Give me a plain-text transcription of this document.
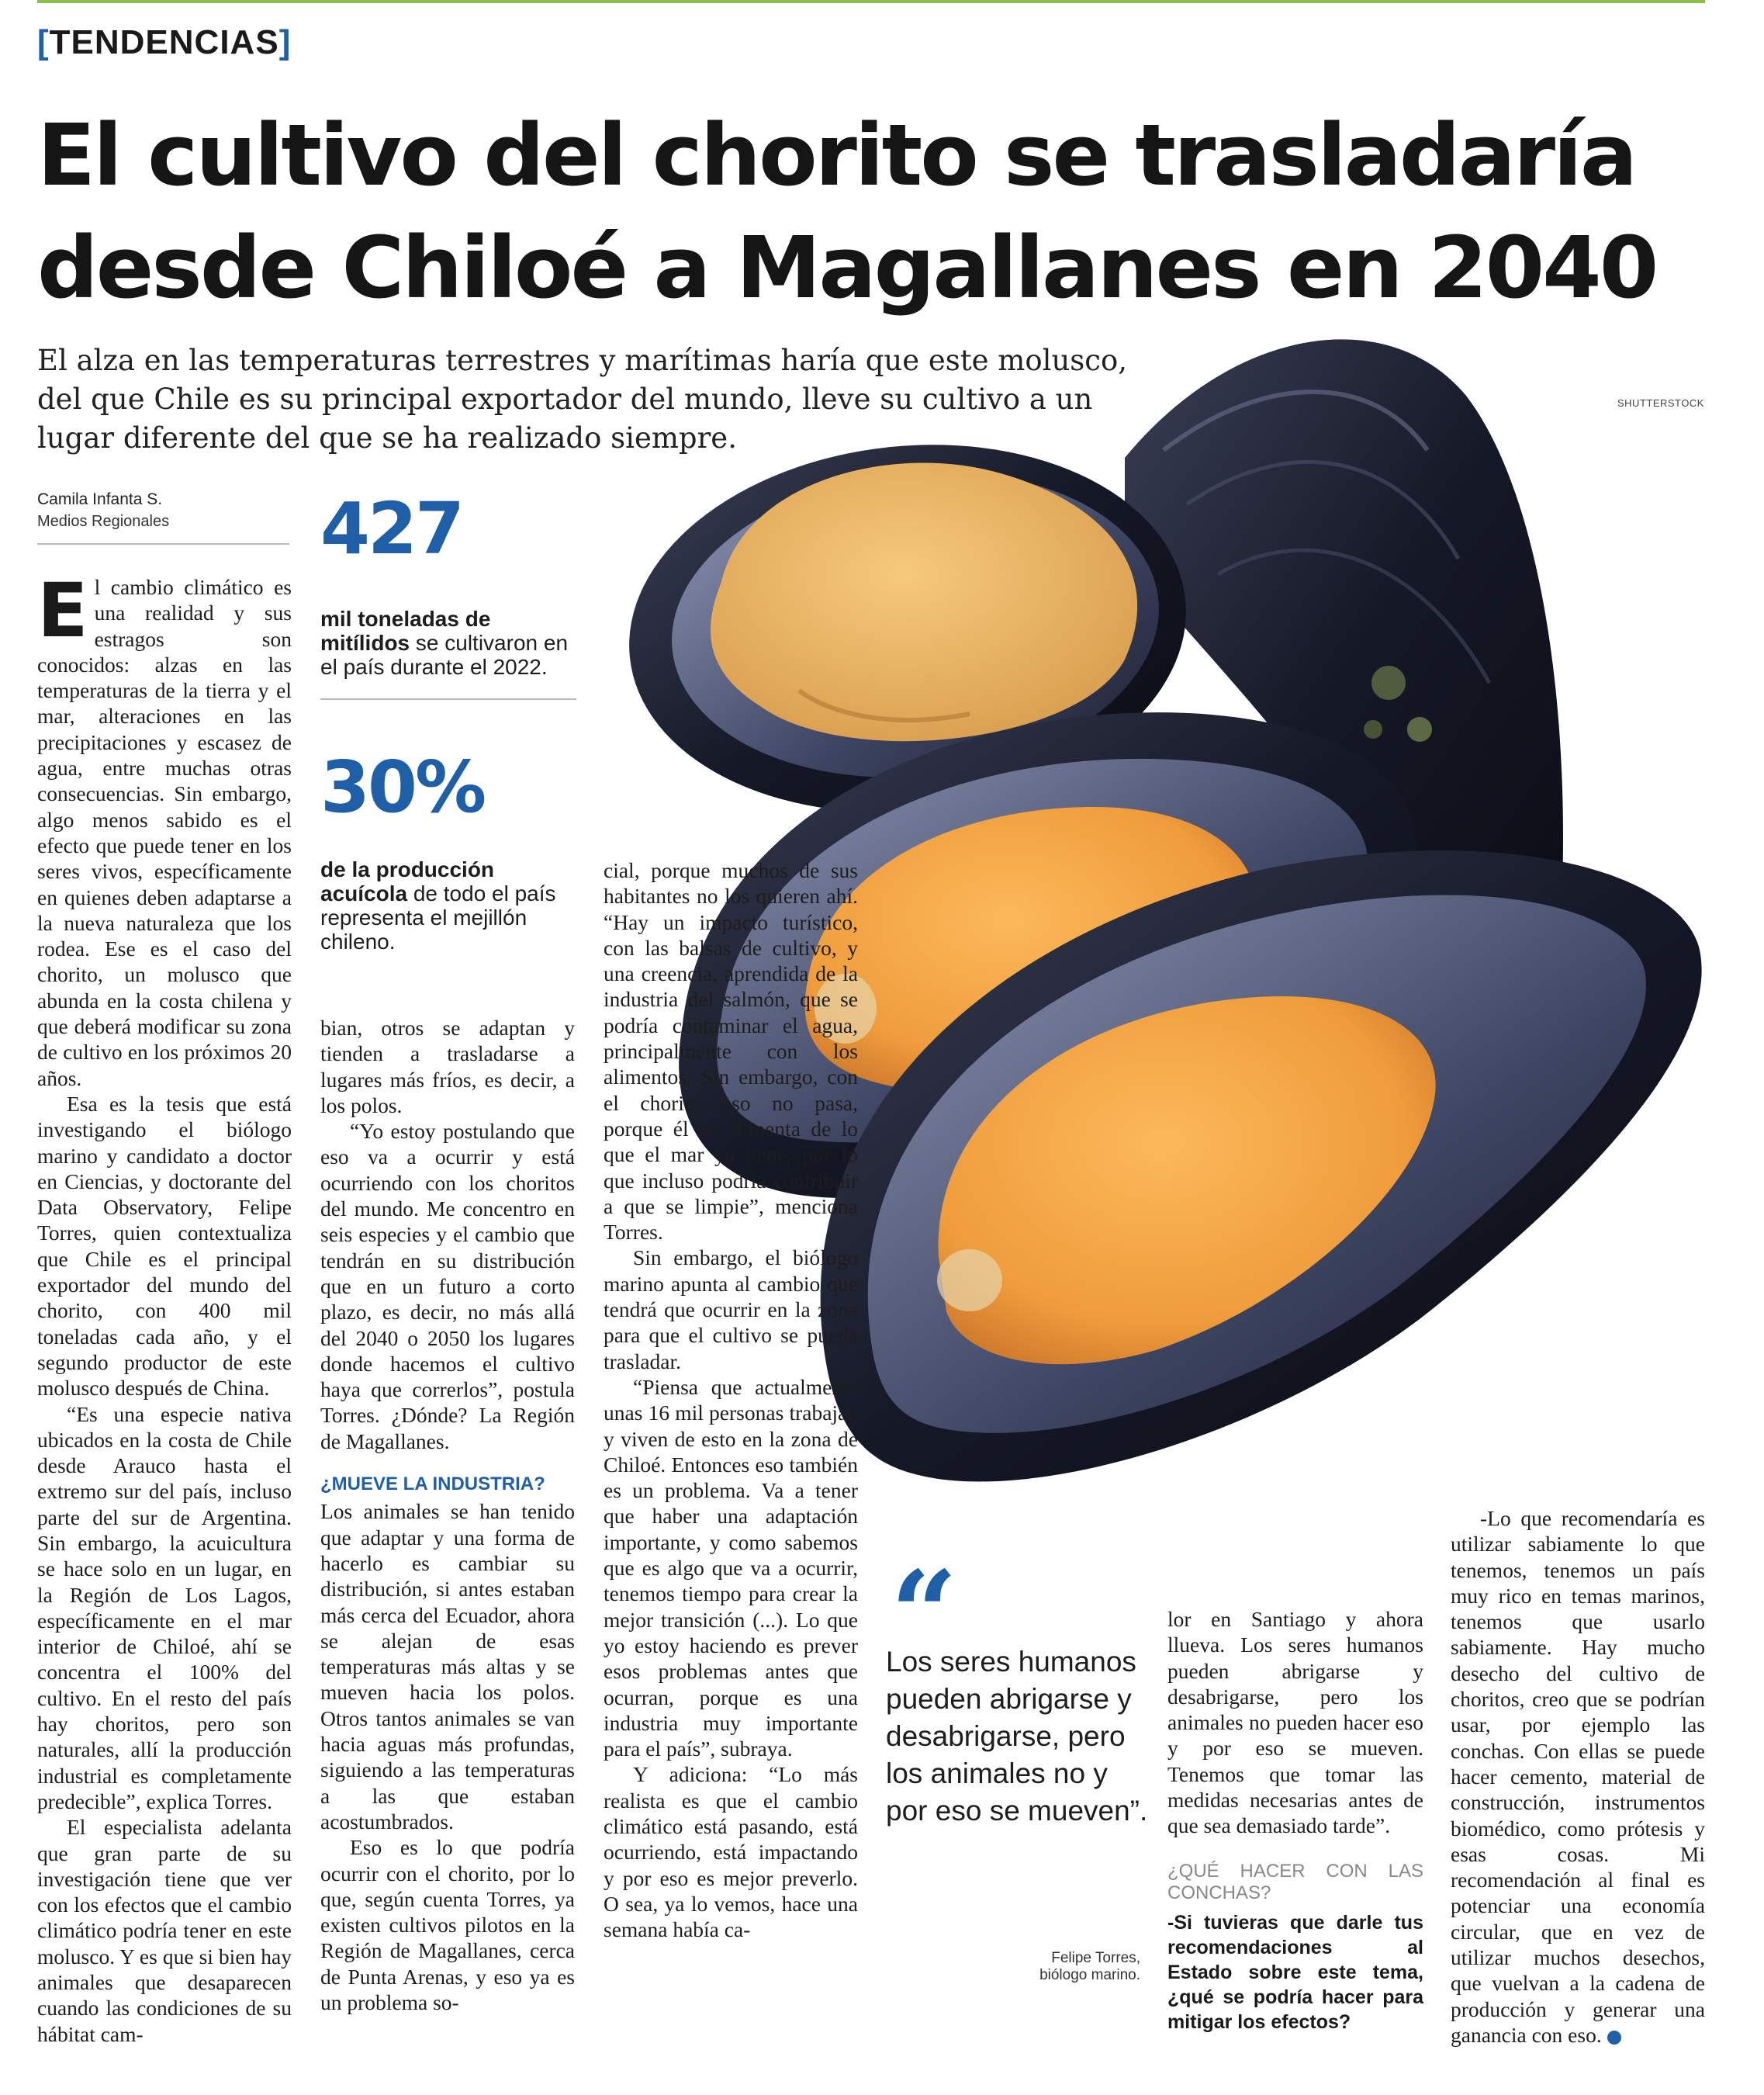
[TENDENCIAS]
El cultivo del chorito se trasladaría desde Chiloé a Magallanes en 2040
SHUTTERSTOCK
El alza en las temperaturas terrestres y marítimas haría que este molusco, del que Chile es su principal exportador del mundo, lleve su cultivo a un lugar diferente del que se ha realizado siempre.
Camila Infanta S.
Medios Regionales

El cambio climático es una realidad y sus estragos son conocidos: alzas en las temperaturas de la tierra y el mar, alteraciones en las precipitaciones y escasez de agua, entre muchas otras consecuencias. Sin embargo, algo menos sabido es el efecto que puede tener en los seres vivos, específicamente en quienes deben adaptarse a la nueva naturaleza que los rodea. Ese es el caso del chorito, un molusco que abunda en la costa chilena y que deberá modificar su zona de cultivo en los próximos 20 años.

Esa es la tesis que está investigando el biólogo marino y candidato a doctor en Ciencias, y doctorante del Data Observatory, Felipe Torres, quien contextualiza que Chile es el principal exportador del mundo del chorito, con 400 mil toneladas cada año, y el segundo productor de este molusco después de China.

“Es una especie nativa ubicados en la costa de Chile desde Arauco hasta el extremo sur del país, incluso parte del sur de Argentina. Sin embargo, la acuicultura se hace solo en un lugar, en la Región de Los Lagos, específicamente en el mar interior de Chiloé, ahí se concentra el 100% del cultivo. En el resto del país hay choritos, pero son naturales, allí la producción industrial es completamente predecible”, explica Torres.

El especialista adelanta que gran parte de su investigación tiene que ver con los efectos que el cambio climático podría tener en este molusco. Y es que si bien hay animales que desaparecen cuando las condiciones de su hábitat cam-

427
mil toneladas de mitílidos se cultivaron en el país durante el 2022.
30%
de la producción acuícola de todo el país representa el mejillón chileno.

bian, otros se adaptan y tienden a trasladarse a lugares más fríos, es decir, a los polos.

“Yo estoy postulando que eso va a ocurrir y está ocurriendo con los choritos del mundo. Me concentro en seis especies y el cambio que tendrán en su distribución que en un futuro a corto plazo, es decir, no más allá del 2040 o 2050 los lugares donde hacemos el cultivo haya que correrlos”, postula Torres. ¿Dónde? La Región de Magallanes.

¿MUEVE LA INDUSTRIA?

Los animales se han tenido que adaptar y una forma de hacerlo es cambiar su distribución, si antes estaban más cerca del Ecuador, ahora se alejan de esas temperaturas más altas y se mueven hacia los polos. Otros tantos animales se van hacia aguas más profundas, siguiendo a las temperaturas a las que estaban acostumbrados.

Eso es lo que podría ocurrir con el chorito, por lo que, según cuenta Torres, ya existen cultivos pilotos en la Región de Magallanes, cerca de Punta Arenas, y eso ya es un problema so-

cial, porque muchos de sus habitantes no los quieren ahí. “Hay un impacto turístico, con las balsas de cultivo, y una creencia, aprendida de la industria del salmón, que se podría contaminar el agua, principalmente con los alimentos. Sin embargo, con el chorito eso no pasa, porque él se alimenta de lo que el mar ya tiene, por lo que incluso podría contribuir a que se limpie”, menciona Torres.

Sin embargo, el biólogo marino apunta al cambio que tendrá que ocurrir en la zona para que el cultivo se pueda trasladar.

“Piensa que actualmente unas 16 mil personas trabajan y viven de esto en la zona de Chiloé. Entonces eso también es un problema. Va a tener que haber una adaptación importante, y como sabemos que es algo que va a ocurrir, tenemos tiempo para crear la mejor transición (...). Lo que yo estoy haciendo es prever esos problemas antes que ocurran, porque es una industria muy importante para el país”, subraya.

Y adiciona: “Lo más realista es que el cambio climático está pasando, está ocurriendo, está impactando y por eso es mejor preverlo. O sea, ya lo vemos, hace una semana había ca-

“
Los seres humanos pueden abrigarse y desabrigarse, pero los animales no y por eso se mueven”.
Felipe Torres,
biólogo marino.

lor en Santiago y ahora llueva. Los seres humanos pueden abrigarse y desabrigarse, pero los animales no pueden hacer eso y por eso se mueven. Tenemos que tomar las medidas necesarias antes de que sea demasiado tarde”.

¿QUÉ HACER CON LAS CONCHAS?
-Si tuvieras que darle tus recomendaciones al Estado sobre este tema, ¿qué se podría hacer para mitigar los efectos?

-Lo que recomendaría es utilizar sabiamente lo que tenemos, tenemos un país muy rico en temas marinos, tenemos que usarlo sabiamente. Hay mucho desecho del cultivo de choritos, creo que se podrían usar, por ejemplo las conchas. Con ellas se puede hacer cemento, material de construcción, instrumentos biomédico, como prótesis y esas cosas. Mi recomendación al final es potenciar una economía circular, que en vez de utilizar muchos desechos, que vuelvan a la cadena de producción y generar una ganancia con eso.	✦
